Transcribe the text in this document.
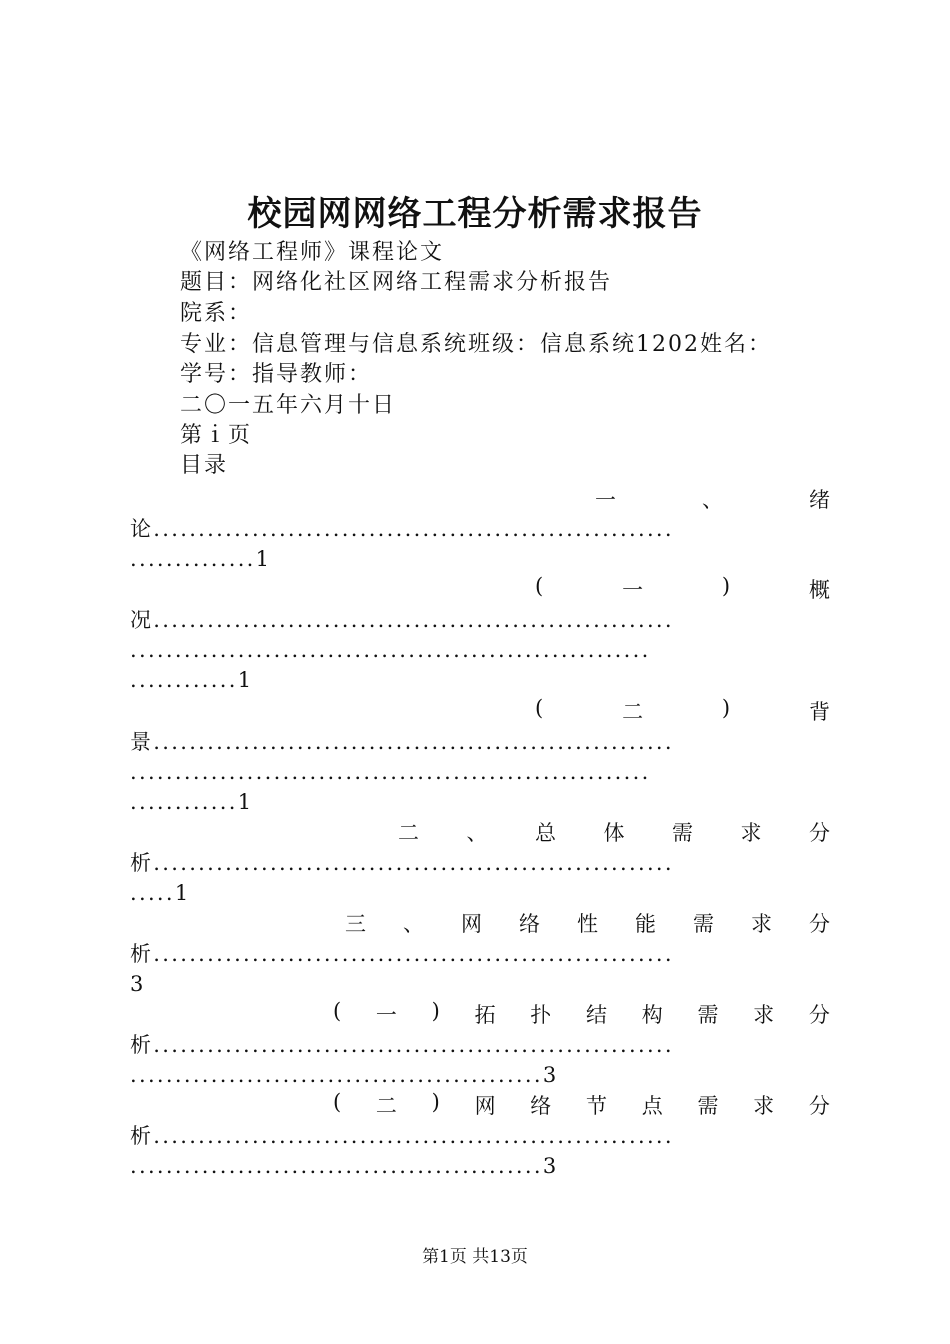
校园网网络工程分析需求报告
《网络工程师》课程论文
题目：网络化社区网络工程需求分析报告
院系：
专业：信息管理与信息系统班级：信息系统1202姓名：
学号：指导教师：
二〇一五年六月十日
第ｉ页
目录
一	、	绪
论..........................................................
..............1
(	一	)	概
况..........................................................
..........................................................
............1
(	二	)	背
景..........................................................
..........................................................
............1
二 、 总 体 需 求 分
析..........................................................
.....1
三 、 网 络 性 能 需 求 分
析..........................................................
3
( 一 ) 拓 扑 结 构 需 求 分
析..........................................................
..............................................3
( 二 ) 网 络 节 点 需 求 分
析..........................................................
..............................................3
第1页 共13页
